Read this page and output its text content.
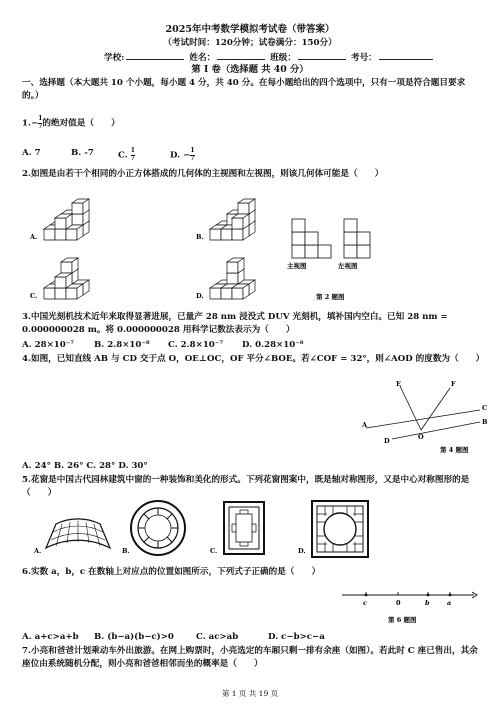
2025年中考数学模拟考试卷（带答案）
（考试时间：120分钟；试卷满分：150分）
学校:	姓名：	班级：	考号：
第 Ⅰ 卷（选择题 共 40 分）
一、选择题（本大题共 10 个小题，每小题 4 分，共 40 分。在每小题给出的四个选项中，只有一项是符合题目要求的。）
$1.- \frac{1}{7}$ 的绝对值是（　　）
A. 7	B. -7	C. $\frac{1}{7}$	D. − $\frac{1}{7}$
2.如图是由若干个相同的小正方体搭成的几何体的主视图和左视图，则该几何体可能是（　　）
A.	B.
C.	D.
主视图	左视图
第 2 题图
3.中国光刻机技术近年来取得显著进展，已量产 28 nm 浸没式 DUV 光刻机，填补国内空白。已知 28 nm = 0.000000028 m。将 0.000000028 用科学记数法表示为（　　）
A. 28×10⁻⁷ B. 2.8×10⁻⁸ C. 2.8×10⁻⁷ D. 0.28×10⁻⁸
4.如图，已知直线 AB 与 CD 交于点 O，OE⊥OC，OF 平分∠BOE。若∠COF = 32°，则∠AOD 的度数为（　　）
E	F
C
B
A
O
D
第 4 题图
A. 24° B. 26° C. 28° D. 30°
5.花窗是中国古代园林建筑中窗的一种装饰和美化的形式。下列花窗图案中，既是轴对称图形，又是中心对称图形的是（　　）
A.	B.	C.	D.
6.实数 a，b，c 在数轴上对应点的位置如图所示，下列式子正确的是（　　）
c	0	b	a
第 6 题图
A. a+c>a+b B. (b−a)(b−c)>0	C. ac>ab	D. c−b>c−a
7.小亮和爸爸计划乘动车外出旅游。在网上购票时，小亮选定的车厢只剩一排有余座（如图）。若此时 C 座已售出，其余座位由系统随机分配，则小亮和爸爸相邻而坐的概率是（　　）
第 1 页 共 19 页
